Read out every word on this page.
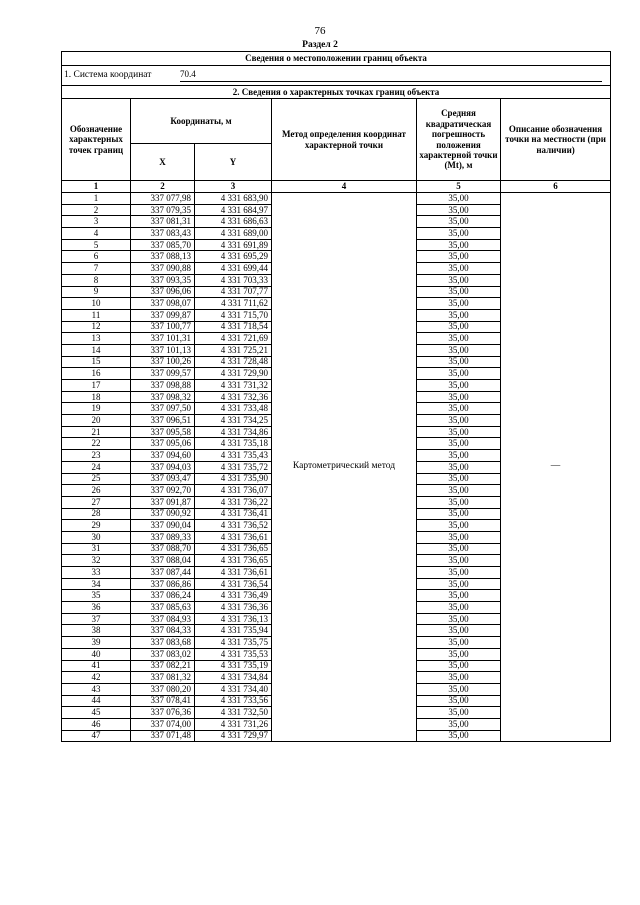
76
Раздел 2
Сведения о местоположении границ объекта					
1. Система координат 70.4					

2. Сведения о характерных точках границ объекта					
Обозначение характерных точек границ	Координаты, м		Метод определения координат характерной точки	Средняя квадратическая погрешность положения характерной точки (Mt), м	Описание обозначения точки на местности (при наличии)
	X	Y			
1	2	3	4	5	6
1	337 077,98	4 331 683,90	Картометрический метод	35,00	—
2	337 079,35	4 331 684,97		35,00	
3	337 081,31	4 331 686,63		35,00	
4	337 083,43	4 331 689,00		35,00	
5	337 085,70	4 331 691,89		35,00	
6	337 088,13	4 331 695,29		35,00	
7	337 090,88	4 331 699,44		35,00	
8	337 093,35	4 331 703,33		35,00	
9	337 096,06	4 331 707,77		35,00	
10	337 098,07	4 331 711,62		35,00	
11	337 099,87	4 331 715,70		35,00	
12	337 100,77	4 331 718,54		35,00	
13	337 101,31	4 331 721,69		35,00	
14	337 101,13	4 331 725,21		35,00	
15	337 100,26	4 331 728,48		35,00	
16	337 099,57	4 331 729,90		35,00	
17	337 098,88	4 331 731,32		35,00	
18	337 098,32	4 331 732,36		35,00	
19	337 097,50	4 331 733,48		35,00	
20	337 096,51	4 331 734,25		35,00	
21	337 095,58	4 331 734,86		35,00	
22	337 095,06	4 331 735,18		35,00	
23	337 094,60	4 331 735,43		35,00	
24	337 094,03	4 331 735,72		35,00	
25	337 093,47	4 331 735,90		35,00	
26	337 092,70	4 331 736,07		35,00	
27	337 091,87	4 331 736,22		35,00	
28	337 090,92	4 331 736,41		35,00	
29	337 090,04	4 331 736,52		35,00	
30	337 089,33	4 331 736,61		35,00	
31	337 088,70	4 331 736,65		35,00	
32	337 088,04	4 331 736,65		35,00	
33	337 087,44	4 331 736,61		35,00	
34	337 086,86	4 331 736,54		35,00	
35	337 086,24	4 331 736,49		35,00	
36	337 085,63	4 331 736,36		35,00	
37	337 084,93	4 331 736,13		35,00	
38	337 084,33	4 331 735,94		35,00	
39	337 083,68	4 331 735,75		35,00	
40	337 083,02	4 331 735,53		35,00	
41	337 082,21	4 331 735,19		35,00	
42	337 081,32	4 331 734,84		35,00	
43	337 080,20	4 331 734,40		35,00	
44	337 078,41	4 331 733,56		35,00	
45	337 076,36	4 331 732,50		35,00	
46	337 074,00	4 331 731,26		35,00	
47	337 071,48	4 331 729,97		35,00	
